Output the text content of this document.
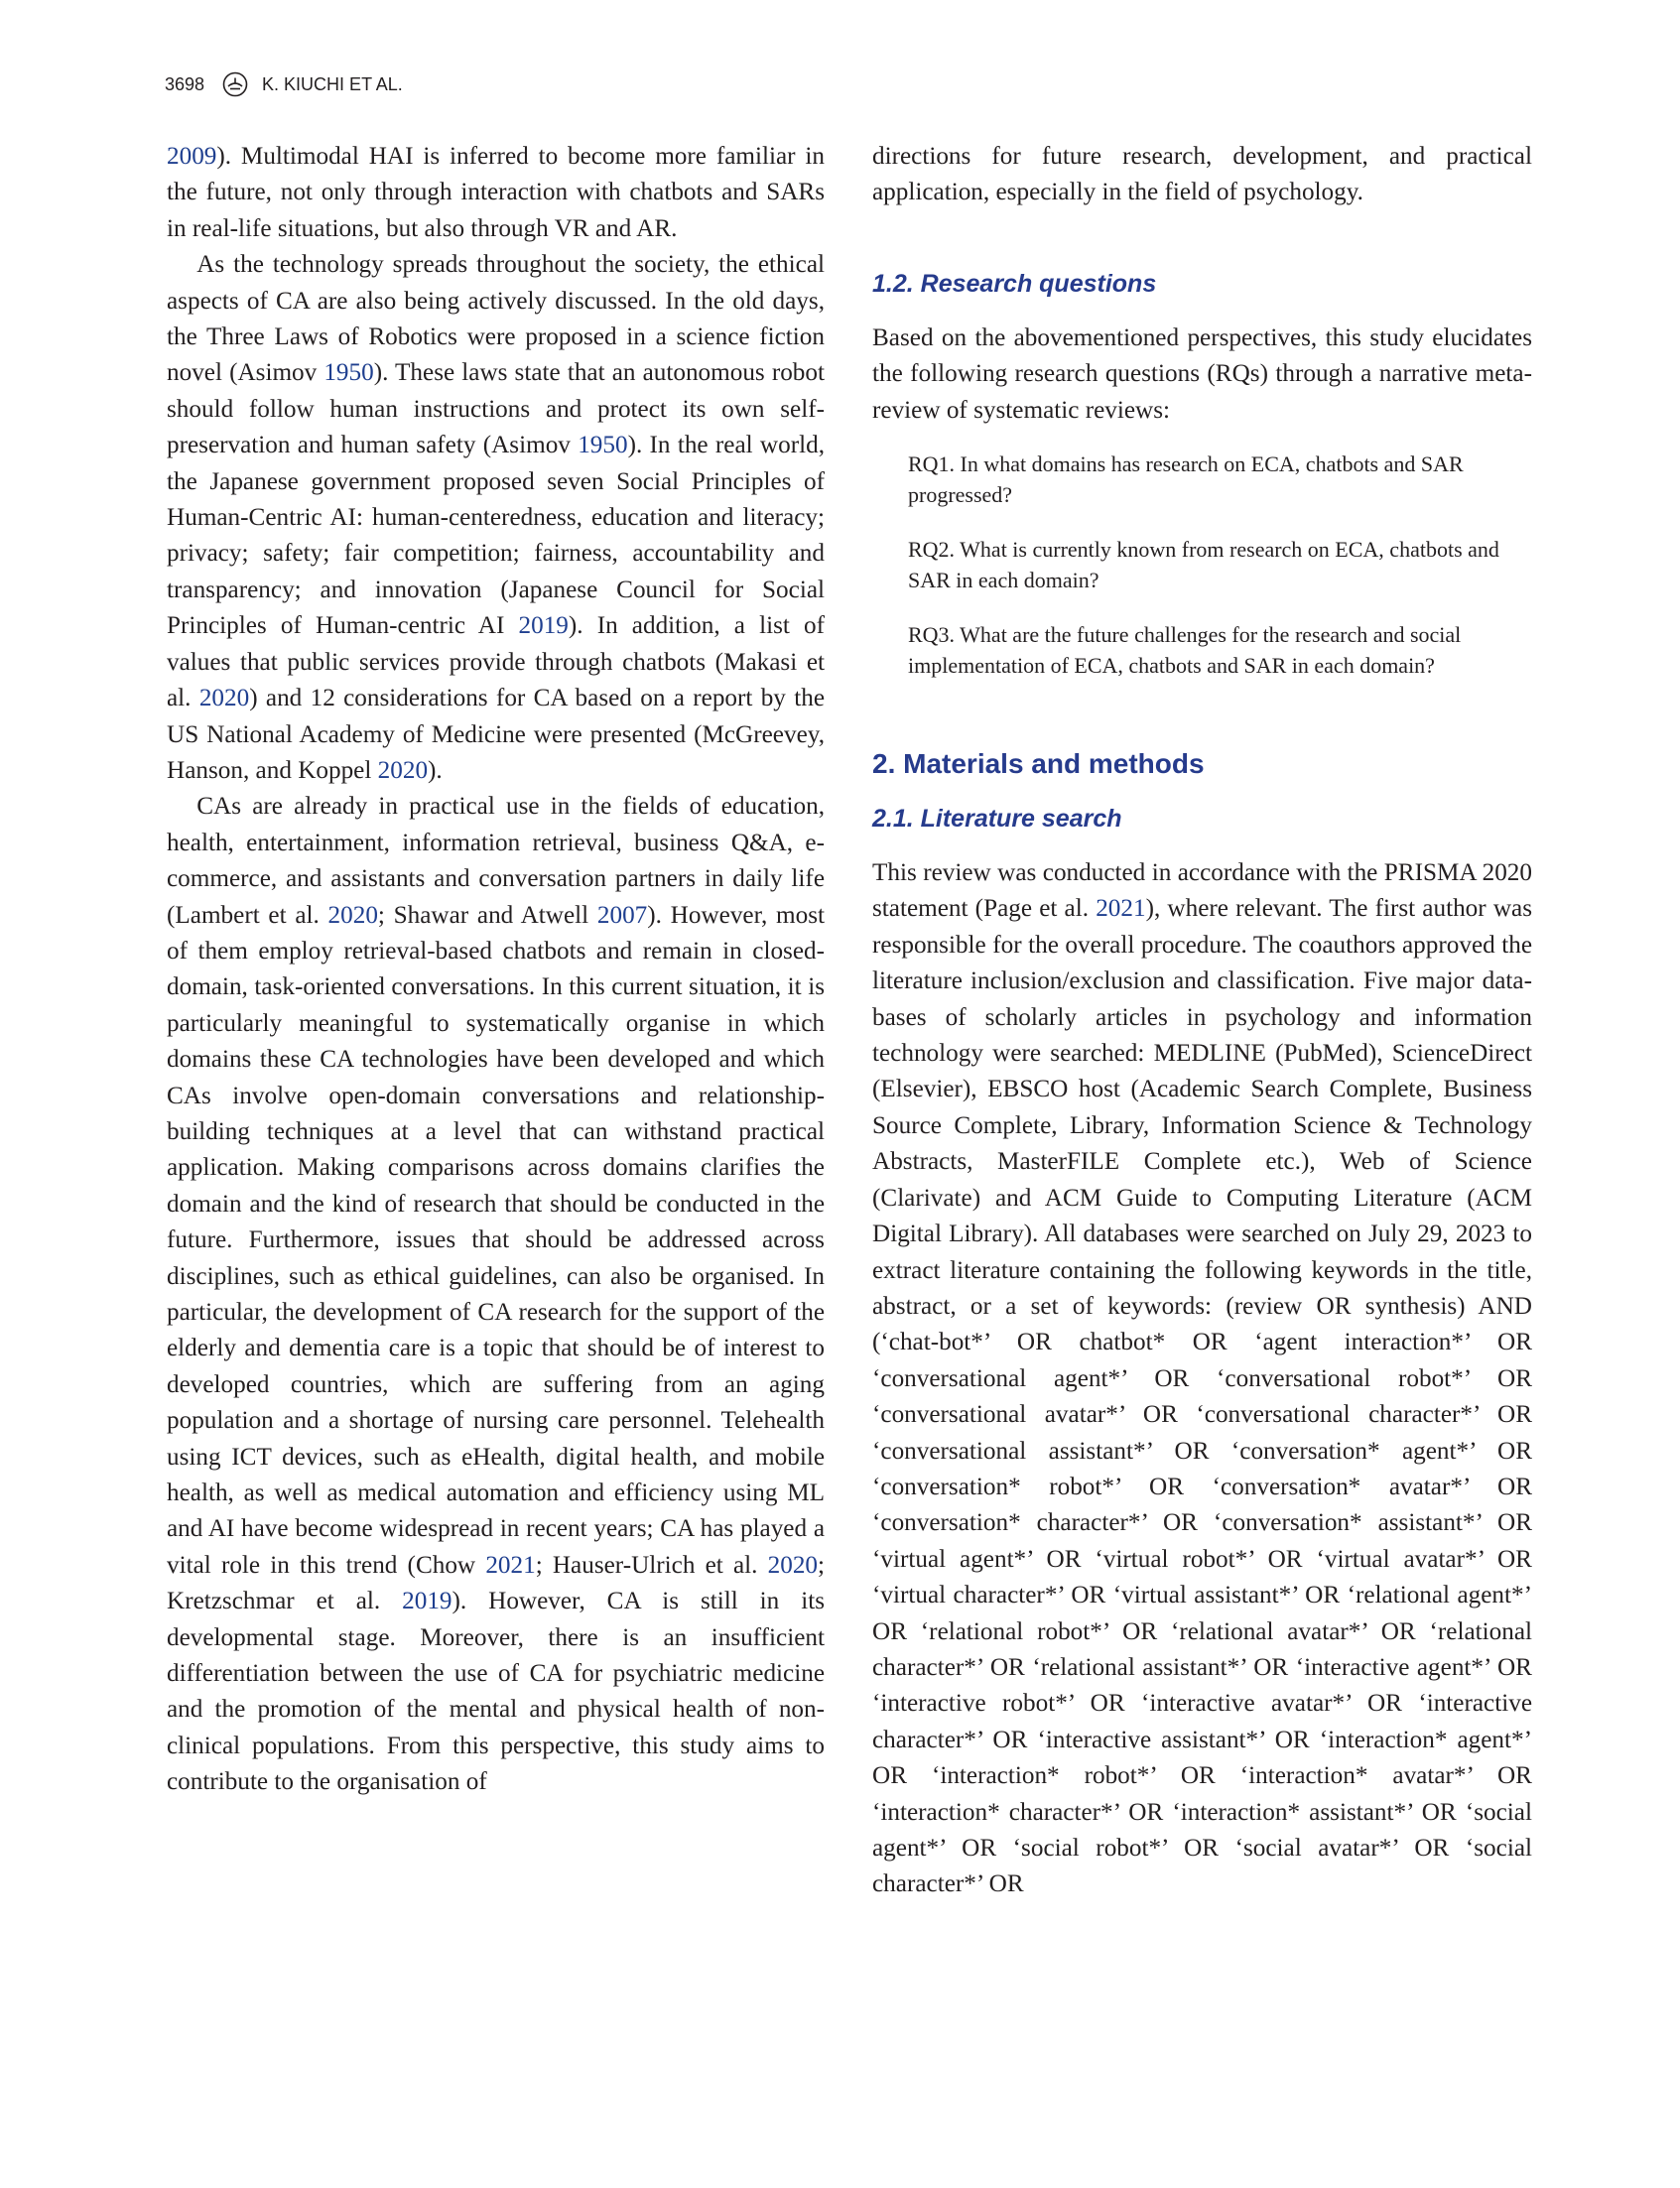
3698	K. KIUCHI ET AL.

2009). Multimodal HAI is inferred to become more familiar in the future, not only through interaction with chatbots and SARs in real-life situations, but also through VR and AR.

As the technology spreads throughout the society, the ethical aspects of CA are also being actively discussed. In the old days, the Three Laws of Robotics were proposed in a science fiction novel (Asimov 1950). These laws state that an autonomous robot should follow human instructions and protect its own self-preservation and human safety (Asimov 1950). In the real world, the Japanese government proposed seven Social Principles of Human-Centric AI: human-centeredness, education and literacy; privacy; safety; fair competition; fairness, accountability and transparency; and innovation (Japanese Council for Social Principles of Human-centric AI 2019). In addition, a list of values that public services provide through chatbots (Makasi et al. 2020) and 12 considerations for CA based on a report by the US National Academy of Medicine were presented (McGreevey, Hanson, and Koppel 2020).

CAs are already in practical use in the fields of education, health, entertainment, information retrieval, business Q&A, e-commerce, and assistants and conversation partners in daily life (Lambert et al. 2020; Shawar and Atwell 2007). However, most of them employ retrieval-based chatbots and remain in closed-domain, task-oriented conversations. In this current situation, it is particularly meaningful to systematically organise in which domains these CA technologies have been developed and which CAs involve open-domain conversations and relationship-building techniques at a level that can withstand practical application. Making comparisons across domains clarifies the domain and the kind of research that should be conducted in the future. Furthermore, issues that should be addressed across disciplines, such as ethical guidelines, can also be organised. In particular, the development of CA research for the support of the elderly and dementia care is a topic that should be of interest to developed countries, which are suffering from an aging population and a shortage of nursing care personnel. Telehealth using ICT devices, such as eHealth, digital health, and mobile health, as well as medical automation and efficiency using ML and AI have become widespread in recent years; CA has played a vital role in this trend (Chow 2021; Hauser-Ulrich et al. 2020; Kretzschmar et al. 2019). However, CA is still in its developmental stage. Moreover, there is an insufficient differentiation between the use of CA for psychiatric medicine and the promotion of the mental and physical health of non-clinical populations. From this perspective, this study aims to contribute to the organisation of

directions for future research, development, and practical application, especially in the field of psychology.

1.2. Research questions

Based on the abovementioned perspectives, this study elucidates the following research questions (RQs) through a narrative meta-review of systematic reviews:

RQ1. In what domains has research on ECA, chatbots and SAR progressed?

RQ2. What is currently known from research on ECA, chatbots and SAR in each domain?

RQ3. What are the future challenges for the research and social implementation of ECA, chatbots and SAR in each domain?

2. Materials and methods
2.1. Literature search

This review was conducted in accordance with the PRISMA 2020 statement (Page et al. 2021), where relevant. The first author was responsible for the overall procedure. The coauthors approved the literature inclusion/exclusion and classification. Five major databases of scholarly articles in psychology and information technology were searched: MEDLINE (PubMed), ScienceDirect (Elsevier), EBSCO host (Academic Search Complete, Business Source Complete, Library, Information Science & Technology Abstracts, MasterFILE Complete etc.), Web of Science (Clarivate) and ACM Guide to Computing Literature (ACM Digital Library). All databases were searched on July 29, 2023 to extract literature containing the following keywords in the title, abstract, or a set of keywords: (review OR synthesis) AND (‘chat-bot*’ OR chatbot* OR ‘agent interaction*’ OR ‘conversational agent*’ OR ‘conversational robot*’ OR ‘conversational avatar*’ OR ‘conversational character*’ OR ‘conversational assistant*’ OR ‘conversation* agent*’ OR ‘conversation* robot*’ OR ‘conversation* avatar*’ OR ‘conversation* character*’ OR ‘conversation* assistant*’ OR ‘virtual agent*’ OR ‘virtual robot*’ OR ‘virtual avatar*’ OR ‘virtual character*’ OR ‘virtual assistant*’ OR ‘relational agent*’ OR ‘relational robot*’ OR ‘relational avatar*’ OR ‘relational character*’ OR ‘relational assistant*’ OR ‘interactive agent*’ OR ‘interactive robot*’ OR ‘interactive avatar*’ OR ‘interactive character*’ OR ‘interactive assistant*’ OR ‘interaction* agent*’ OR ‘interaction* robot*’ OR ‘interaction* avatar*’ OR ‘interaction* character*’ OR ‘interaction* assistant*’ OR ‘social agent*’ OR ‘social robot*’ OR ‘social avatar*’ OR ‘social character*’ OR
